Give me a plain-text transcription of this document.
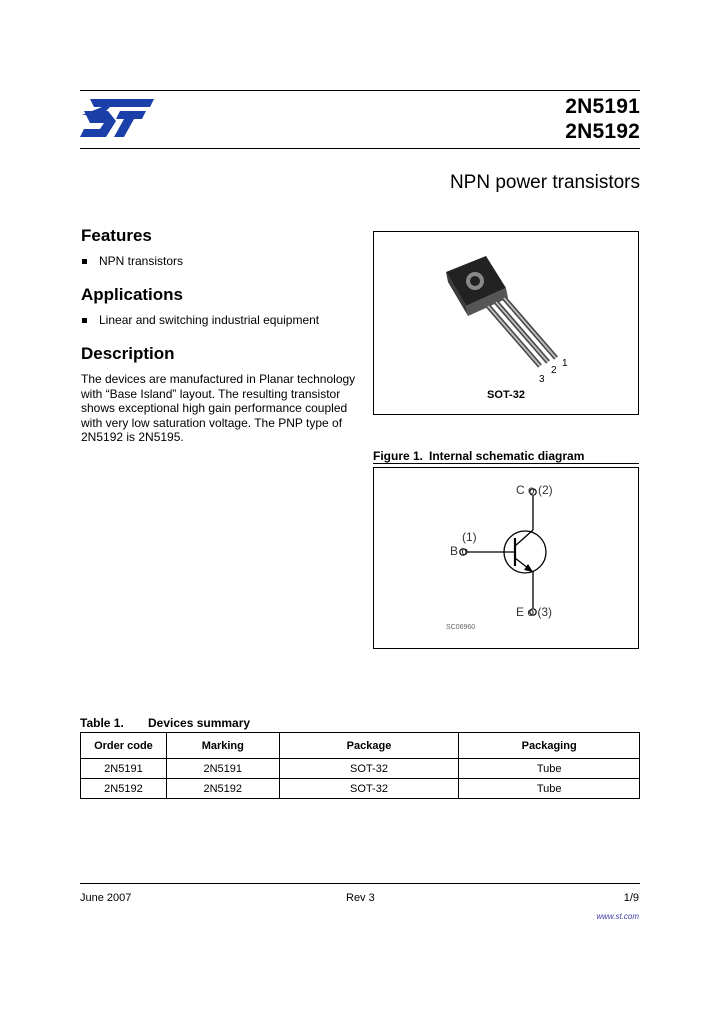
2N5191
2N5192
NPN power transistors
Features
NPN transistors
Applications
Linear and switching industrial equipment
Description
The devices are manufactured in Planar technology with “Base Island” layout. The resulting transistor shows exceptional high gain performance coupled with very low saturation voltage. The PNP type of 2N5192 is 2N5195.
1
2
3
SOT-32
Figure 1. Internal schematic diagram
C o (2)
B o
(1)
E o (3)
SC06960
Table 1. Devices summary
Order code	Marking	Package	Packaging
2N5191	2N5191	SOT-32	Tube
2N5192	2N5192	SOT-32	Tube
June 2007	Rev 3	1/9
www.st.com
